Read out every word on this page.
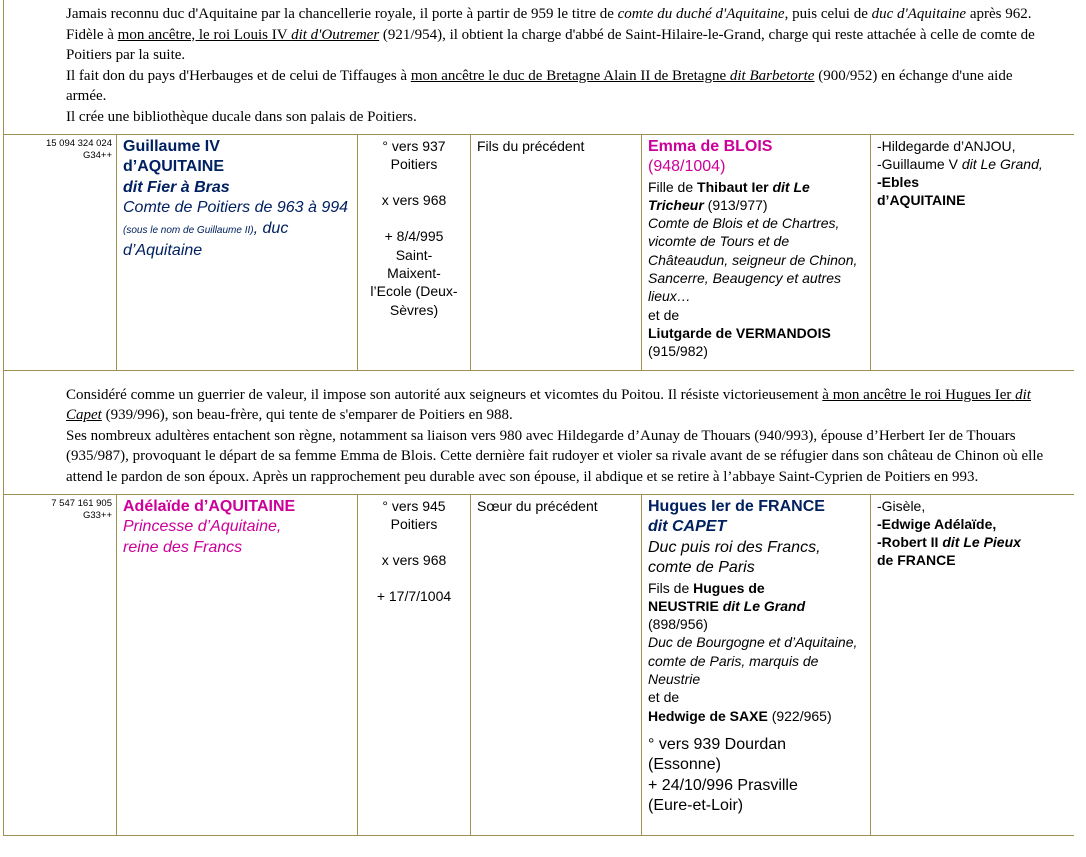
Jamais reconnu duc d'Aquitaine par la chancellerie royale, il porte à partir de 959 le titre de comte du duché d'Aquitaine, puis celui de duc d'Aquitaine après 962. Fidèle à mon ancêtre, le roi Louis IV dit d'Outremer (921/954), il obtient la charge d'abbé de Saint-Hilaire-le-Grand, charge qui reste attachée à celle de comte de Poitiers par la suite.

Il fait don du pays d'Herbauges et de celui de Tiffauges à mon ancêtre le duc de Bretagne Alain II de Bretagne dit Barbetorte (900/952) en échange d'une aide armée.

Il crée une bibliothèque ducale dans son palais de Poitiers.

15 094 324 024
G34++
Guillaume IV
d’AQUITAINE
dit Fier à Bras
Comte de Poitiers de 963 à 994 (sous le nom de Guillaume II), duc d’Aquitaine
° vers 937
Poitiers
x vers 968
+ 8/4/995
Saint-
Maixent-
l’Ecole (Deux-
Sèvres)
Fils du précédent	Emma de BLOIS
(948/1004)
Fille de Thibaut Ier dit Le Tricheur (913/977)
Comte de Blois et de Chartres, vicomte de Tours et de Châteaudun, seigneur de Chinon, Sancerre, Beaugency et autres lieux…
et de
Liutgarde de VERMANDOIS
(915/982)
-Hildegarde d’ANJOU,
-Guillaume V dit Le Grand,
-Ebles
d’AQUITAINE

Considéré comme un guerrier de valeur, il impose son autorité aux seigneurs et vicomtes du Poitou. Il résiste victorieusement à mon ancêtre le roi Hugues Ier dit Capet (939/996), son beau-frère, qui tente de s'emparer de Poitiers en 988.

Ses nombreux adultères entachent son règne, notamment sa liaison vers 980 avec Hildegarde d’Aunay de Thouars (940/993), épouse d’Herbert Ier de Thouars (935/987), provoquant le départ de sa femme Emma de Blois. Cette dernière fait rudoyer et violer sa rivale avant de se réfugier dans son château de Chinon où elle attend le pardon de son époux. Après un rapprochement peu durable avec son épouse, il abdique et se retire à l’abbaye Saint-Cyprien de Poitiers en 993.

7 547 161 905
G33++
Adélaïde d’AQUITAINE
Princesse d’Aquitaine,
reine des Francs
° vers 945
Poitiers
x vers 968
+ 17/7/1004
Sœur du précédent	Hugues Ier de FRANCE
dit CAPET
Duc puis roi des Francs,
comte de Paris
Fils de Hugues de
NEUSTRIE dit Le Grand
(898/956)
Duc de Bourgogne et d’Aquitaine, comte de Paris, marquis de Neustrie
et de
Hedwige de SAXE (922/965)
° vers 939 Dourdan
(Essonne)
+ 24/10/996 Prasville
(Eure-et-Loir)
-Gisèle,
-Edwige Adélaïde,
-Robert II dit Le Pieux
de FRANCE
